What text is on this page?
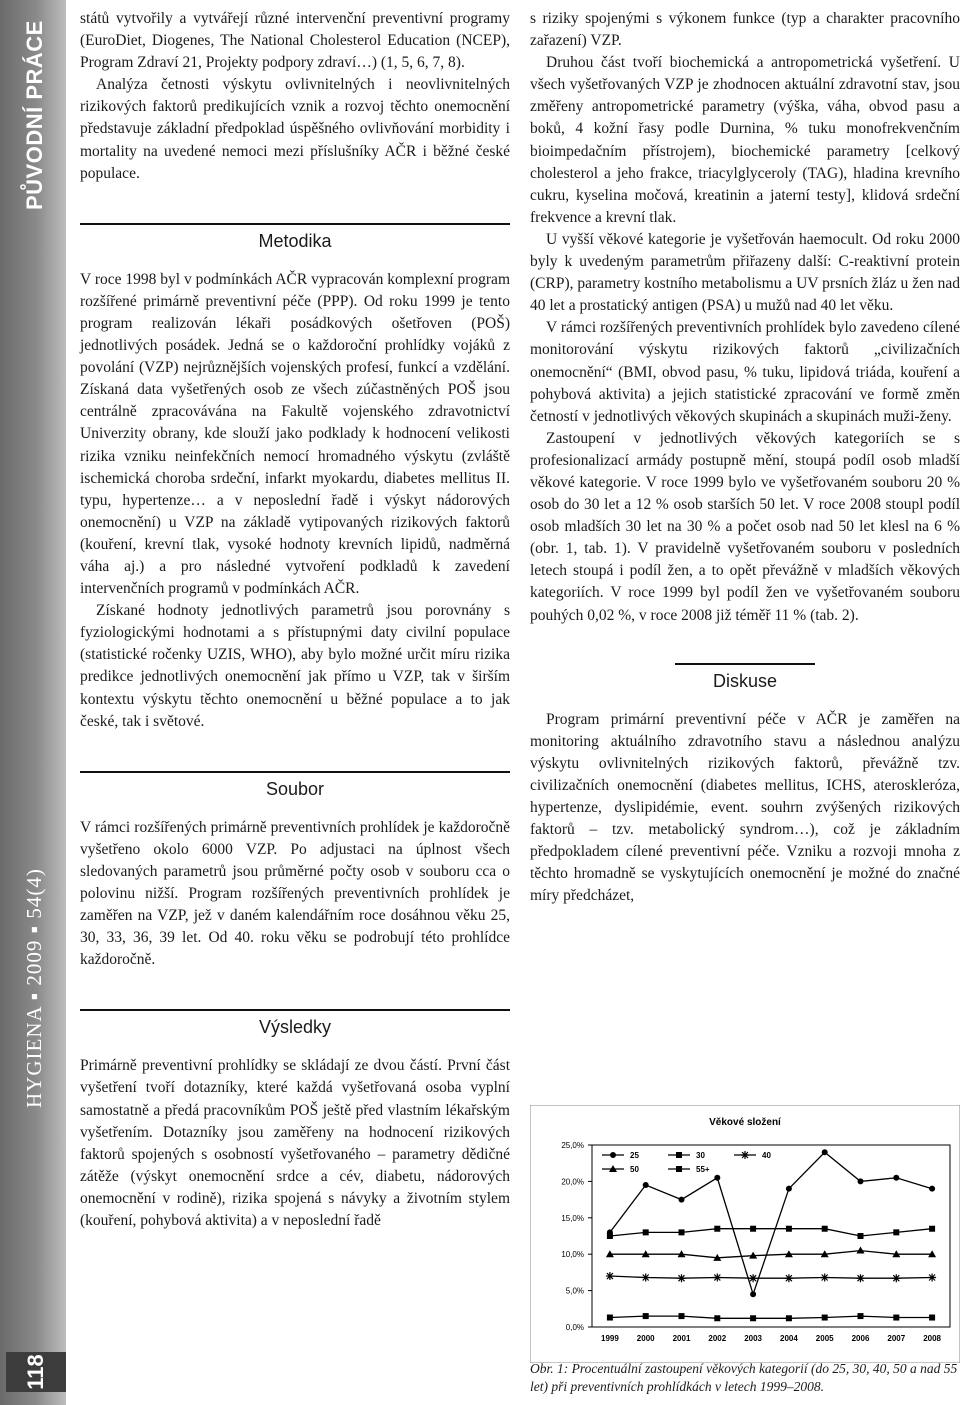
PŮVODNÍ PRÁCE
HYGIENA ▪ 2009 ▪ 54(4)
118

států vytvořily a vytvářejí různé intervenční preventivní programy (EuroDiet, Diogenes, The National Cholesterol Education (NCEP), Program Zdraví 21, Projekty podpory zdraví…) (1, 5, 6, 7, 8).

Analýza četnosti výskytu ovlivnitelných i neovlivnitelných rizikových faktorů predikujících vznik a rozvoj těchto onemocnění představuje základní předpoklad úspěšného ovlivňování morbidity i mortality na uvedené nemoci mezi příslušníky AČR i běžné české populace.

Metodika

V roce 1998 byl v podmínkách AČR vypracován komplexní program rozšířené primárně preventivní péče (PPP). Od roku 1999 je tento program realizován lékaři posádkových ošetřoven (POŠ) jednotlivých posádek. Jedná se o každoroční prohlídky vojáků z povolání (VZP) nejrůznějších vojenských profesí, funkcí a vzdělání. Získaná data vyšetřených osob ze všech zúčastněných POŠ jsou centrálně zpracovávána na Fakultě vojenského zdravotnictví Univerzity obrany, kde slouží jako podklady k hodnocení velikosti rizika vzniku neinfekčních nemocí hromadného výskytu (zvláště ischemická choroba srdeční, infarkt myokardu, diabetes mellitus II. typu, hypertenze… a v neposlední řadě i výskyt nádorových onemocnění) u VZP na základě vytipovaných rizikových faktorů (kouření, krevní tlak, vysoké hodnoty krevních lipidů, nadměrná váha aj.) a pro následné vytvoření podkladů k zavedení intervenčních programů v podmínkách AČR.

Získané hodnoty jednotlivých parametrů jsou porovnány s fyziologickými hodnotami a s přístupnými daty civilní populace (statistické ročenky UZIS, WHO), aby bylo možné určit míru rizika predikce jednotlivých onemocnění jak přímo u VZP, tak v širším kontextu výskytu těchto onemocnění u běžné populace a to jak české, tak i světové.

Soubor

V rámci rozšířených primárně preventivních prohlídek je každoročně vyšetřeno okolo 6000 VZP. Po adjustaci na úplnost všech sledovaných parametrů jsou průměrné počty osob v souboru cca o polovinu nižší. Program rozšířených preventivních prohlídek je zaměřen na VZP, jež v daném kalendářním roce dosáhnou věku 25, 30, 33, 36, 39 let. Od 40. roku věku se podrobují této prohlídce každoročně.

Výsledky

Primárně preventivní prohlídky se skládají ze dvou částí. První část vyšetření tvoří dotazníky, které každá vyšetřovaná osoba vyplní samostatně a předá pracovníkům POŠ ještě před vlastním lékařským vyšetřením. Dotazníky jsou zaměřeny na hodnocení rizikových faktorů spojených s osobností vyšetřovaného – parametry dědičné zátěže (výskyt onemocnění srdce a cév, diabetu, nádorových onemocnění v rodině), rizika spojená s návyky a životním stylem (kouření, pohybová aktivita) a v neposlední řadě

s riziky spojenými s výkonem funkce (typ a charakter pracovního zařazení) VZP.

Druhou část tvoří biochemická a antropometrická vyšetření. U všech vyšetřovaných VZP je zhodnocen aktuální zdravotní stav, jsou změřeny antropometrické parametry (výška, váha, obvod pasu a boků, 4 kožní řasy podle Durnina, % tuku monofrekvenčním bioimpedačním přístrojem), biochemické parametry [celkový cholesterol a jeho frakce, triacylglyceroly (TAG), hladina krevního cukru, kyselina močová, kreatinin a jaterní testy], klidová srdeční frekvence a krevní tlak.

U vyšší věkové kategorie je vyšetřován haemocult. Od roku 2000 byly k uvedeným parametrům přiřazeny další: C-reaktivní protein (CRP), parametry kostního metabolismu a UV prsních žláz u žen nad 40 let a prostatický antigen (PSA) u mužů nad 40 let věku.

V rámci rozšířených preventivních prohlídek bylo zavedeno cílené monitorování výskytu rizikových faktorů „civilizačních onemocnění“ (BMI, obvod pasu, % tuku, lipidová triáda, kouření a pohybová aktivita) a jejich statistické zpracování ve formě změn četností v jednotlivých věkových skupinách a skupinách muži-ženy.

Zastoupení v jednotlivých věkových kategoriích se s profesionalizací armády postupně mění, stoupá podíl osob mladší věkové kategorie. V roce 1999 bylo ve vyšetřovaném souboru 20 % osob do 30 let a 12 % osob starších 50 let. V roce 2008 stoupl podíl osob mladších 30 let na 30 % a počet osob nad 50 let klesl na 6 % (obr. 1, tab. 1). V pravidelně vyšetřovaném souboru v posledních letech stoupá i podíl žen, a to opět převážně v mladších věkových kategoriích. V roce 1999 byl podíl žen ve vyšetřovaném souboru pouhých 0,02 %, v roce 2008 již téměř 11 % (tab. 2).

Diskuse

Program primární preventivní péče v AČR je zaměřen na monitoring aktuálního zdravotního stavu a následnou analýzu výskytu ovlivnitelných rizikových faktorů, převážně tzv. civilizačních onemocnění (diabetes mellitus, ICHS, ateroskleróza, hypertenze, dyslipidémie, event. souhrn zvýšených rizikových faktorů – tzv. metabolický syndrom…), což je základním předpokladem cílené preventivní péče. Vzniku a rozvoji mnoha z těchto hromadně se vyskytujících onemocnění je možné do značné míry předcházet,

Věkové složení
0,0%
5,0%
10,0%
15,0%
20,0%
25,0%
1999 2000 2001 2002 2003 2004 2005 2006 2007 2008
25	30	40
50	55+

Obr. 1: Procentuální zastoupení věkových kategorií (do 25, 30, 40, 50 a nad 55 let) při preventivních prohlídkách v letech 1999–2008.
